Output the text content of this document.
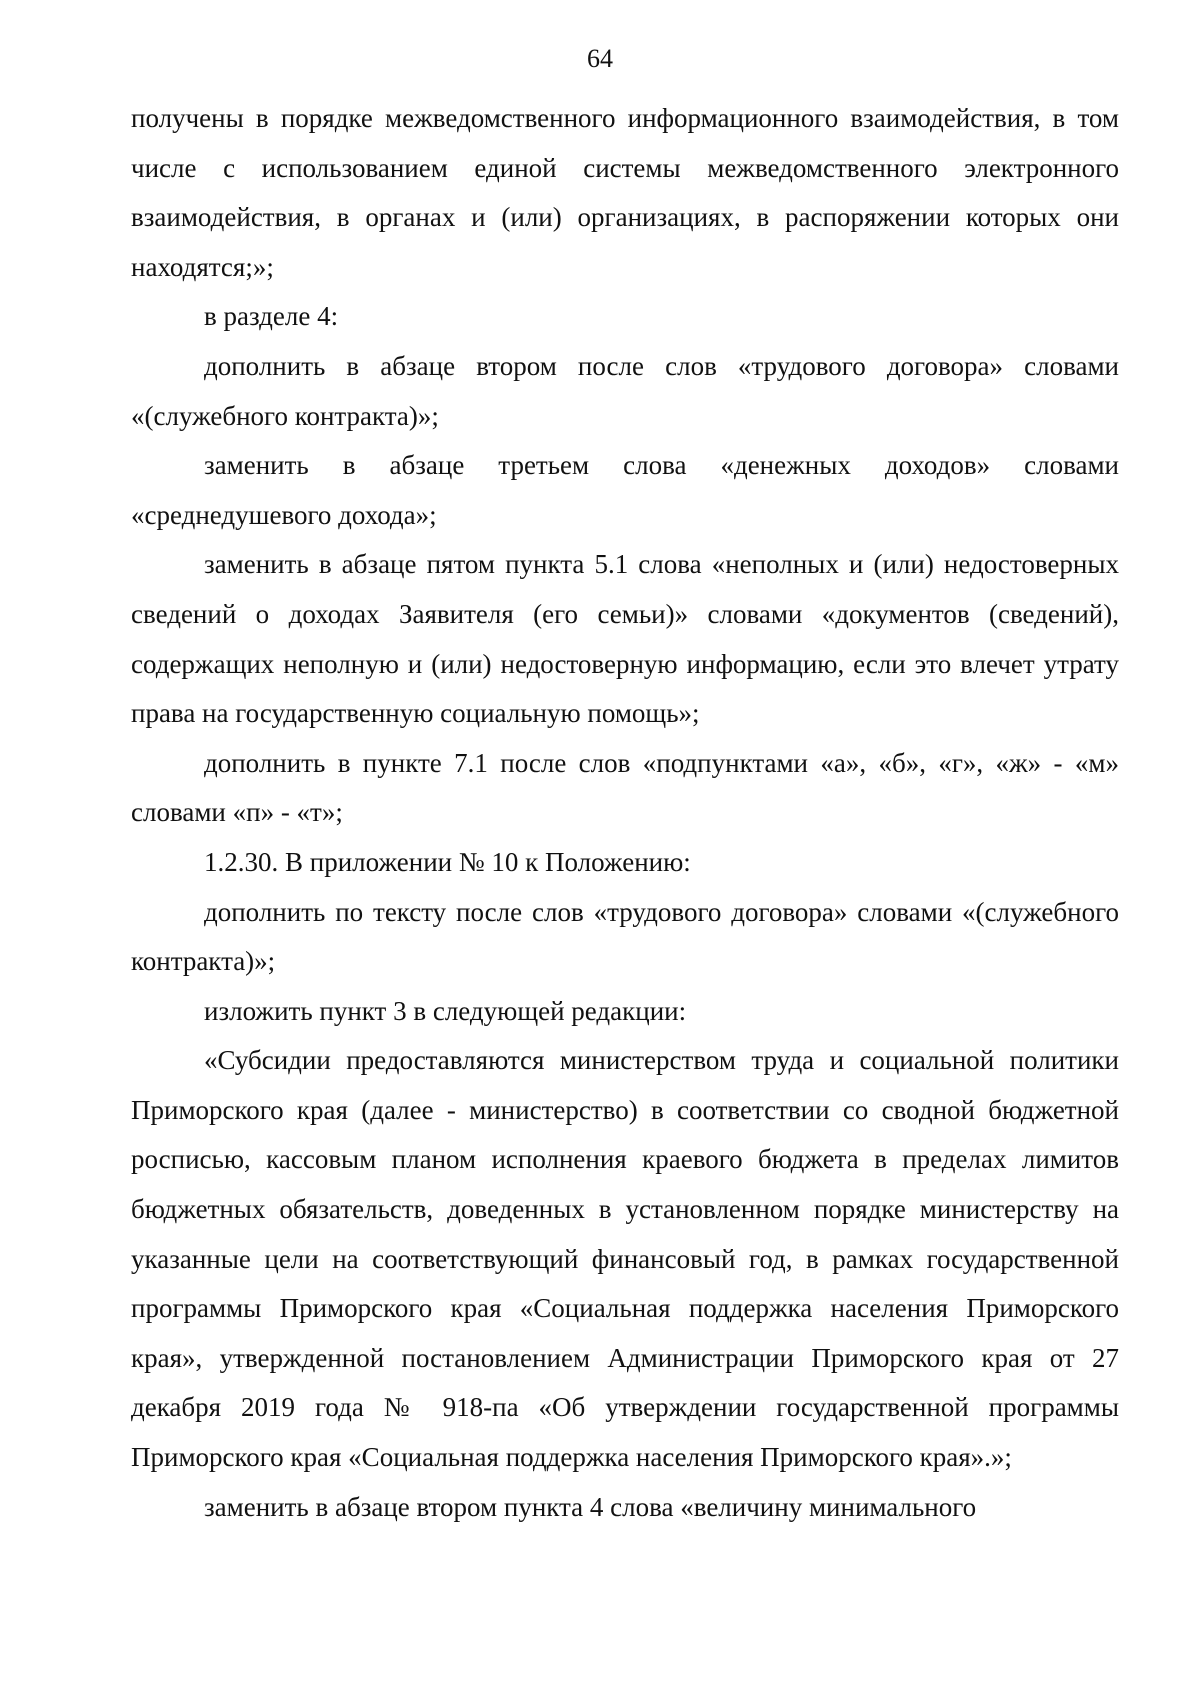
64

получены в порядке межведомственного информационного взаимодействия, в том числе с использованием единой системы межведомственного электронного взаимодействия, в органах и (или) организациях, в распоряжении которых они находятся;»;

в разделе 4:

дополнить в абзаце втором после слов «трудового договора» словами «(служебного контракта)»;

заменить в абзаце третьем слова «денежных доходов» словами «среднедушевого дохода»;

заменить в абзаце пятом пункта 5.1 слова «неполных и (или) недостоверных сведений о доходах Заявителя (его семьи)» словами «документов (сведений), содержащих неполную и (или) недостоверную информацию, если это влечет утрату права на государственную социальную помощь»;

дополнить в пункте 7.1 после слов «подпунктами «а», «б», «г», «ж» - «м» словами «п» - «т»;

1.2.30. В приложении № 10 к Положению:

дополнить по тексту после слов «трудового договора» словами «(служебного контракта)»;

изложить пункт 3 в следующей редакции:

«Субсидии предоставляются министерством труда и социальной политики Приморского края (далее - министерство) в соответствии со сводной бюджетной росписью, кассовым планом исполнения краевого бюджета в пределах лимитов бюджетных обязательств, доведенных в установленном порядке министерству на указанные цели на соответствующий финансовый год, в рамках государственной программы Приморского края «Социальная поддержка населения Приморского края», утвержденной постановлением Администрации Приморского края от 27 декабря 2019 года № 918-па «Об утверждении государственной программы Приморского края «Социальная поддержка населения Приморского края».»;

заменить в абзаце втором пункта 4 слова «величину минимального
